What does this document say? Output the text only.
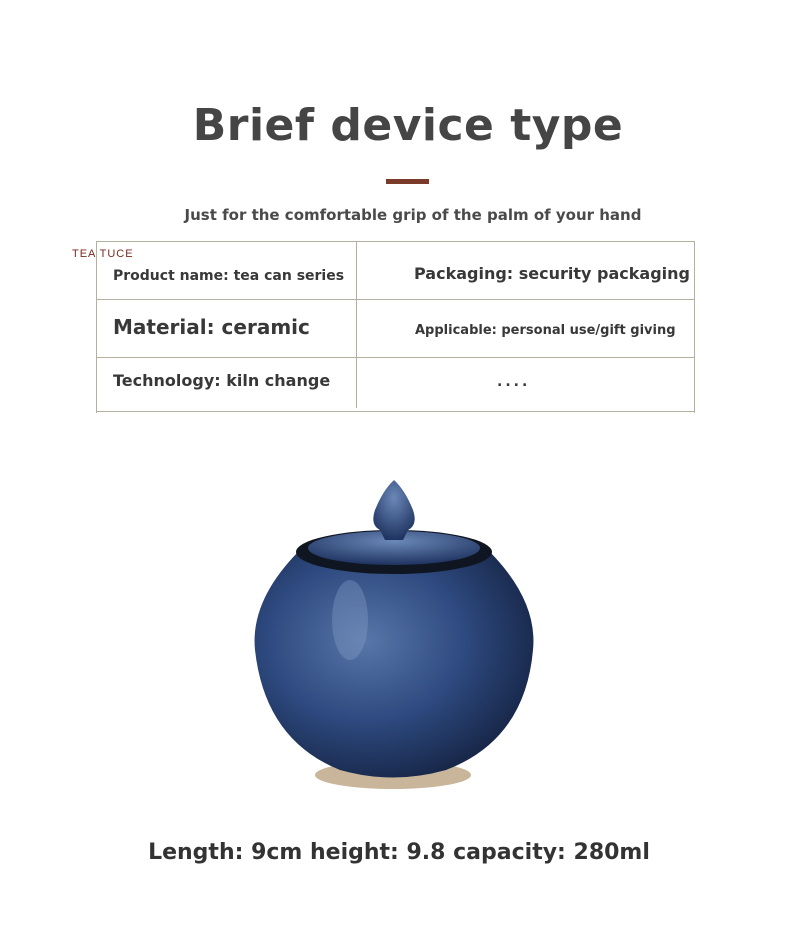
Brief device type
Just for the comfortable grip of the palm of your hand
TEA TUCE
Product name: tea can series	Packaging: security packaging
Material: ceramic	Applicable: personal use/gift giving
Technology: kiln change	....
Length: 9cm height: 9.8 capacity: 280ml
